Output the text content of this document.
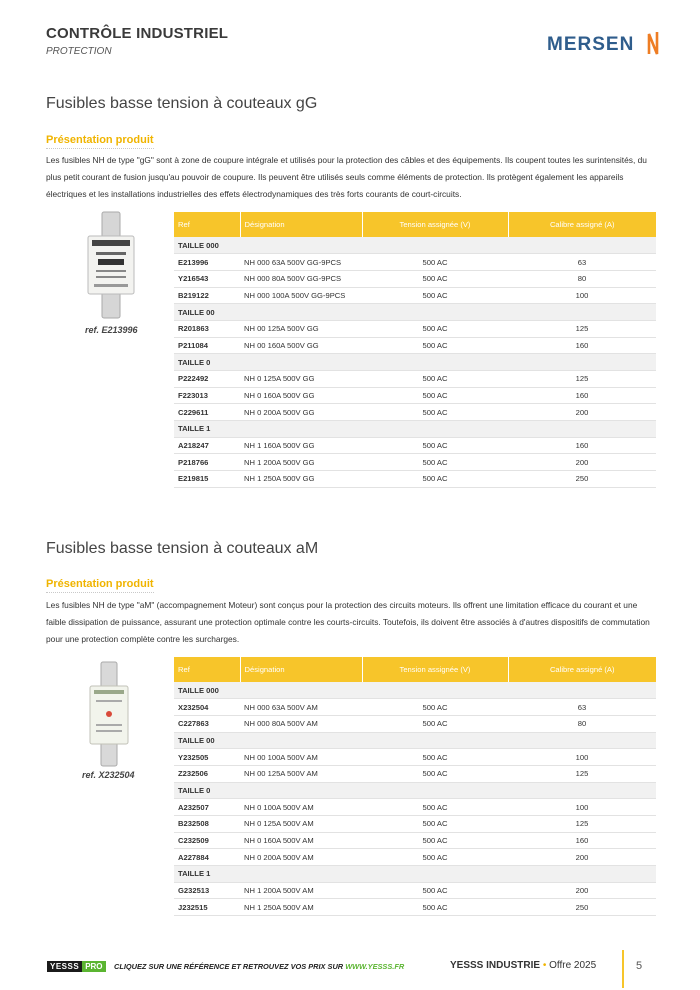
CONTRÔLE INDUSTRIEL
PROTECTION	MERSEN
Fusibles basse tension à couteaux gG
Présentation produit
Les fusibles NH de type "gG" sont à zone de coupure intégrale et utilisés pour la protection des câbles et des équipements. Ils coupent toutes les surintensités, du plus petit courant de fusion jusqu'au pouvoir de coupure. Ils peuvent être utilisés seuls comme éléments de protection. Ils protègent également les appareils électriques et les installations industrielles des effets électrodynamiques des très forts courants de court-circuits.
ref. E213996
Ref	Désignation	Tension assignée (V)	Calibre assigné (A)
TAILLE 000			
E213996	NH 000 63A 500V GG-9PCS	500 AC	63
Y216543	NH 000 80A 500V GG-9PCS	500 AC	80
B219122	NH 000 100A 500V GG-9PCS	500 AC	100
TAILLE 00			
R201863	NH 00 125A 500V GG	500 AC	125
P211084	NH 00 160A 500V GG	500 AC	160
TAILLE 0			
P222492	NH 0 125A 500V GG	500 AC	125
F223013	NH 0 160A 500V GG	500 AC	160
C229611	NH 0 200A 500V GG	500 AC	200
TAILLE 1			
A218247	NH 1 160A 500V GG	500 AC	160
P218766	NH 1 200A 500V GG	500 AC	200
E219815	NH 1 250A 500V GG	500 AC	250
Fusibles basse tension à couteaux aM
Présentation produit
Les fusibles NH de type "aM" (accompagnement Moteur) sont conçus pour la protection des circuits moteurs. Ils offrent une limitation efficace du courant et une faible dissipation de puissance, assurant une protection optimale contre les courts-circuits. Toutefois, ils doivent être associés à d'autres dispositifs de commutation pour une protection complète contre les surcharges.
ref. X232504
Ref	Désignation	Tension assignée (V)	Calibre assigné (A)
TAILLE 000			
X232504	NH 000 63A 500V AM	500 AC	63
C227863	NH 000 80A 500V AM	500 AC	80
TAILLE 00			
Y232505	NH 00 100A 500V AM	500 AC	100
Z232506	NH 00 125A 500V AM	500 AC	125
TAILLE 0			
A232507	NH 0 100A 500V AM	500 AC	100
B232508	NH 0 125A 500V AM	500 AC	125
C232509	NH 0 160A 500V AM	500 AC	160
A227884	NH 0 200A 500V AM	500 AC	200
TAILLE 1			
G232513	NH 1 200A 500V AM	500 AC	200
J232515	NH 1 250A 500V AM	500 AC	250
YESSS PRO	CLIQUEZ SUR UNE RÉFÉRENCE ET RETROUVEZ VOS PRIX SUR WWW.YESSS.FR	YESSS INDUSTRIE • Offre 2025	5
